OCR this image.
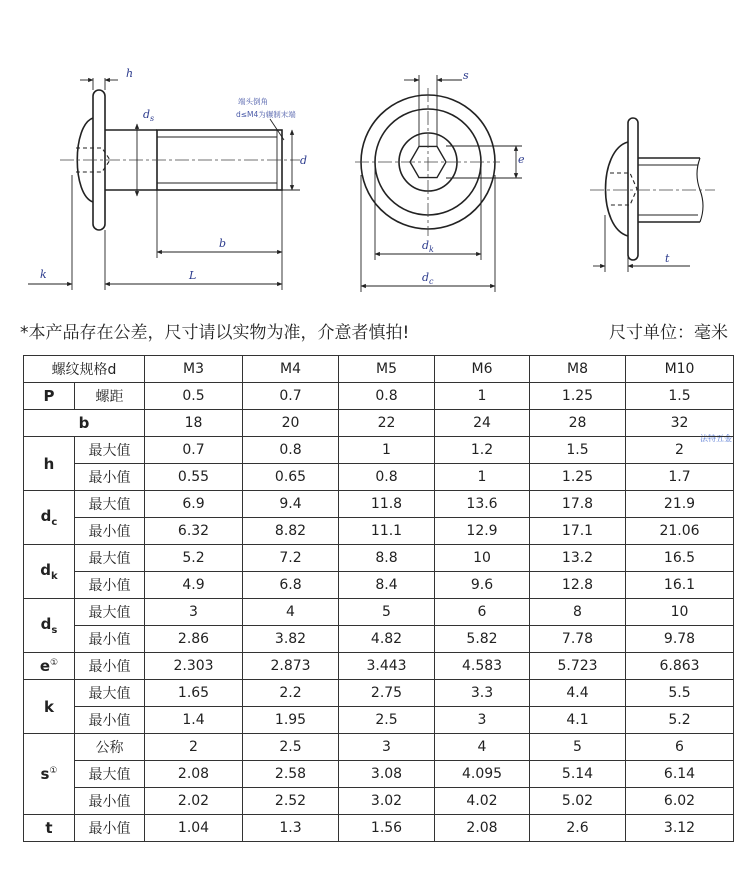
h
$d_s$
d
b
L
k
端头倒角
d≤M4为辗制末端
s
e
$d_k$
$d_c$
t
*本产品存在公差，尺寸请以实物为准，介意者慎拍!	尺寸单位：毫米
法特五金
螺纹规格d		M3	M4	M5	M6	M8	M10
P	螺距	0.5	0.7	0.8	1	1.25	1.5
b		18	20	22	24	28	32
h	最大值	0.7	0.8	1	1.2	1.5	2
	最小值	0.55	0.65	0.8	1	1.25	1.7
$d_c$	最大值	6.9	9.4	11.8	13.6	17.8	21.9
	最小值	6.32	8.82	11.1	12.9	17.1	21.06
$d_k$	最大值	5.2	7.2	8.8	10	13.2	16.5
	最小值	4.9	6.8	8.4	9.6	12.8	16.1
$d_s$	最大值	3	4	5	6	8	10
	最小值	2.86	3.82	4.82	5.82	7.78	9.78
e①	最小值	2.303	2.873	3.443	4.583	5.723	6.863
k	最大值	1.65	2.2	2.75	3.3	4.4	5.5
	最小值	1.4	1.95	2.5	3	4.1	5.2
s①	公称	2	2.5	3	4	5	6
	最大值	2.08	2.58	3.08	4.095	5.14	6.14
	最小值	2.02	2.52	3.02	4.02	5.02	6.02
t	最小值	1.04	1.3	1.56	2.08	2.6	3.12
